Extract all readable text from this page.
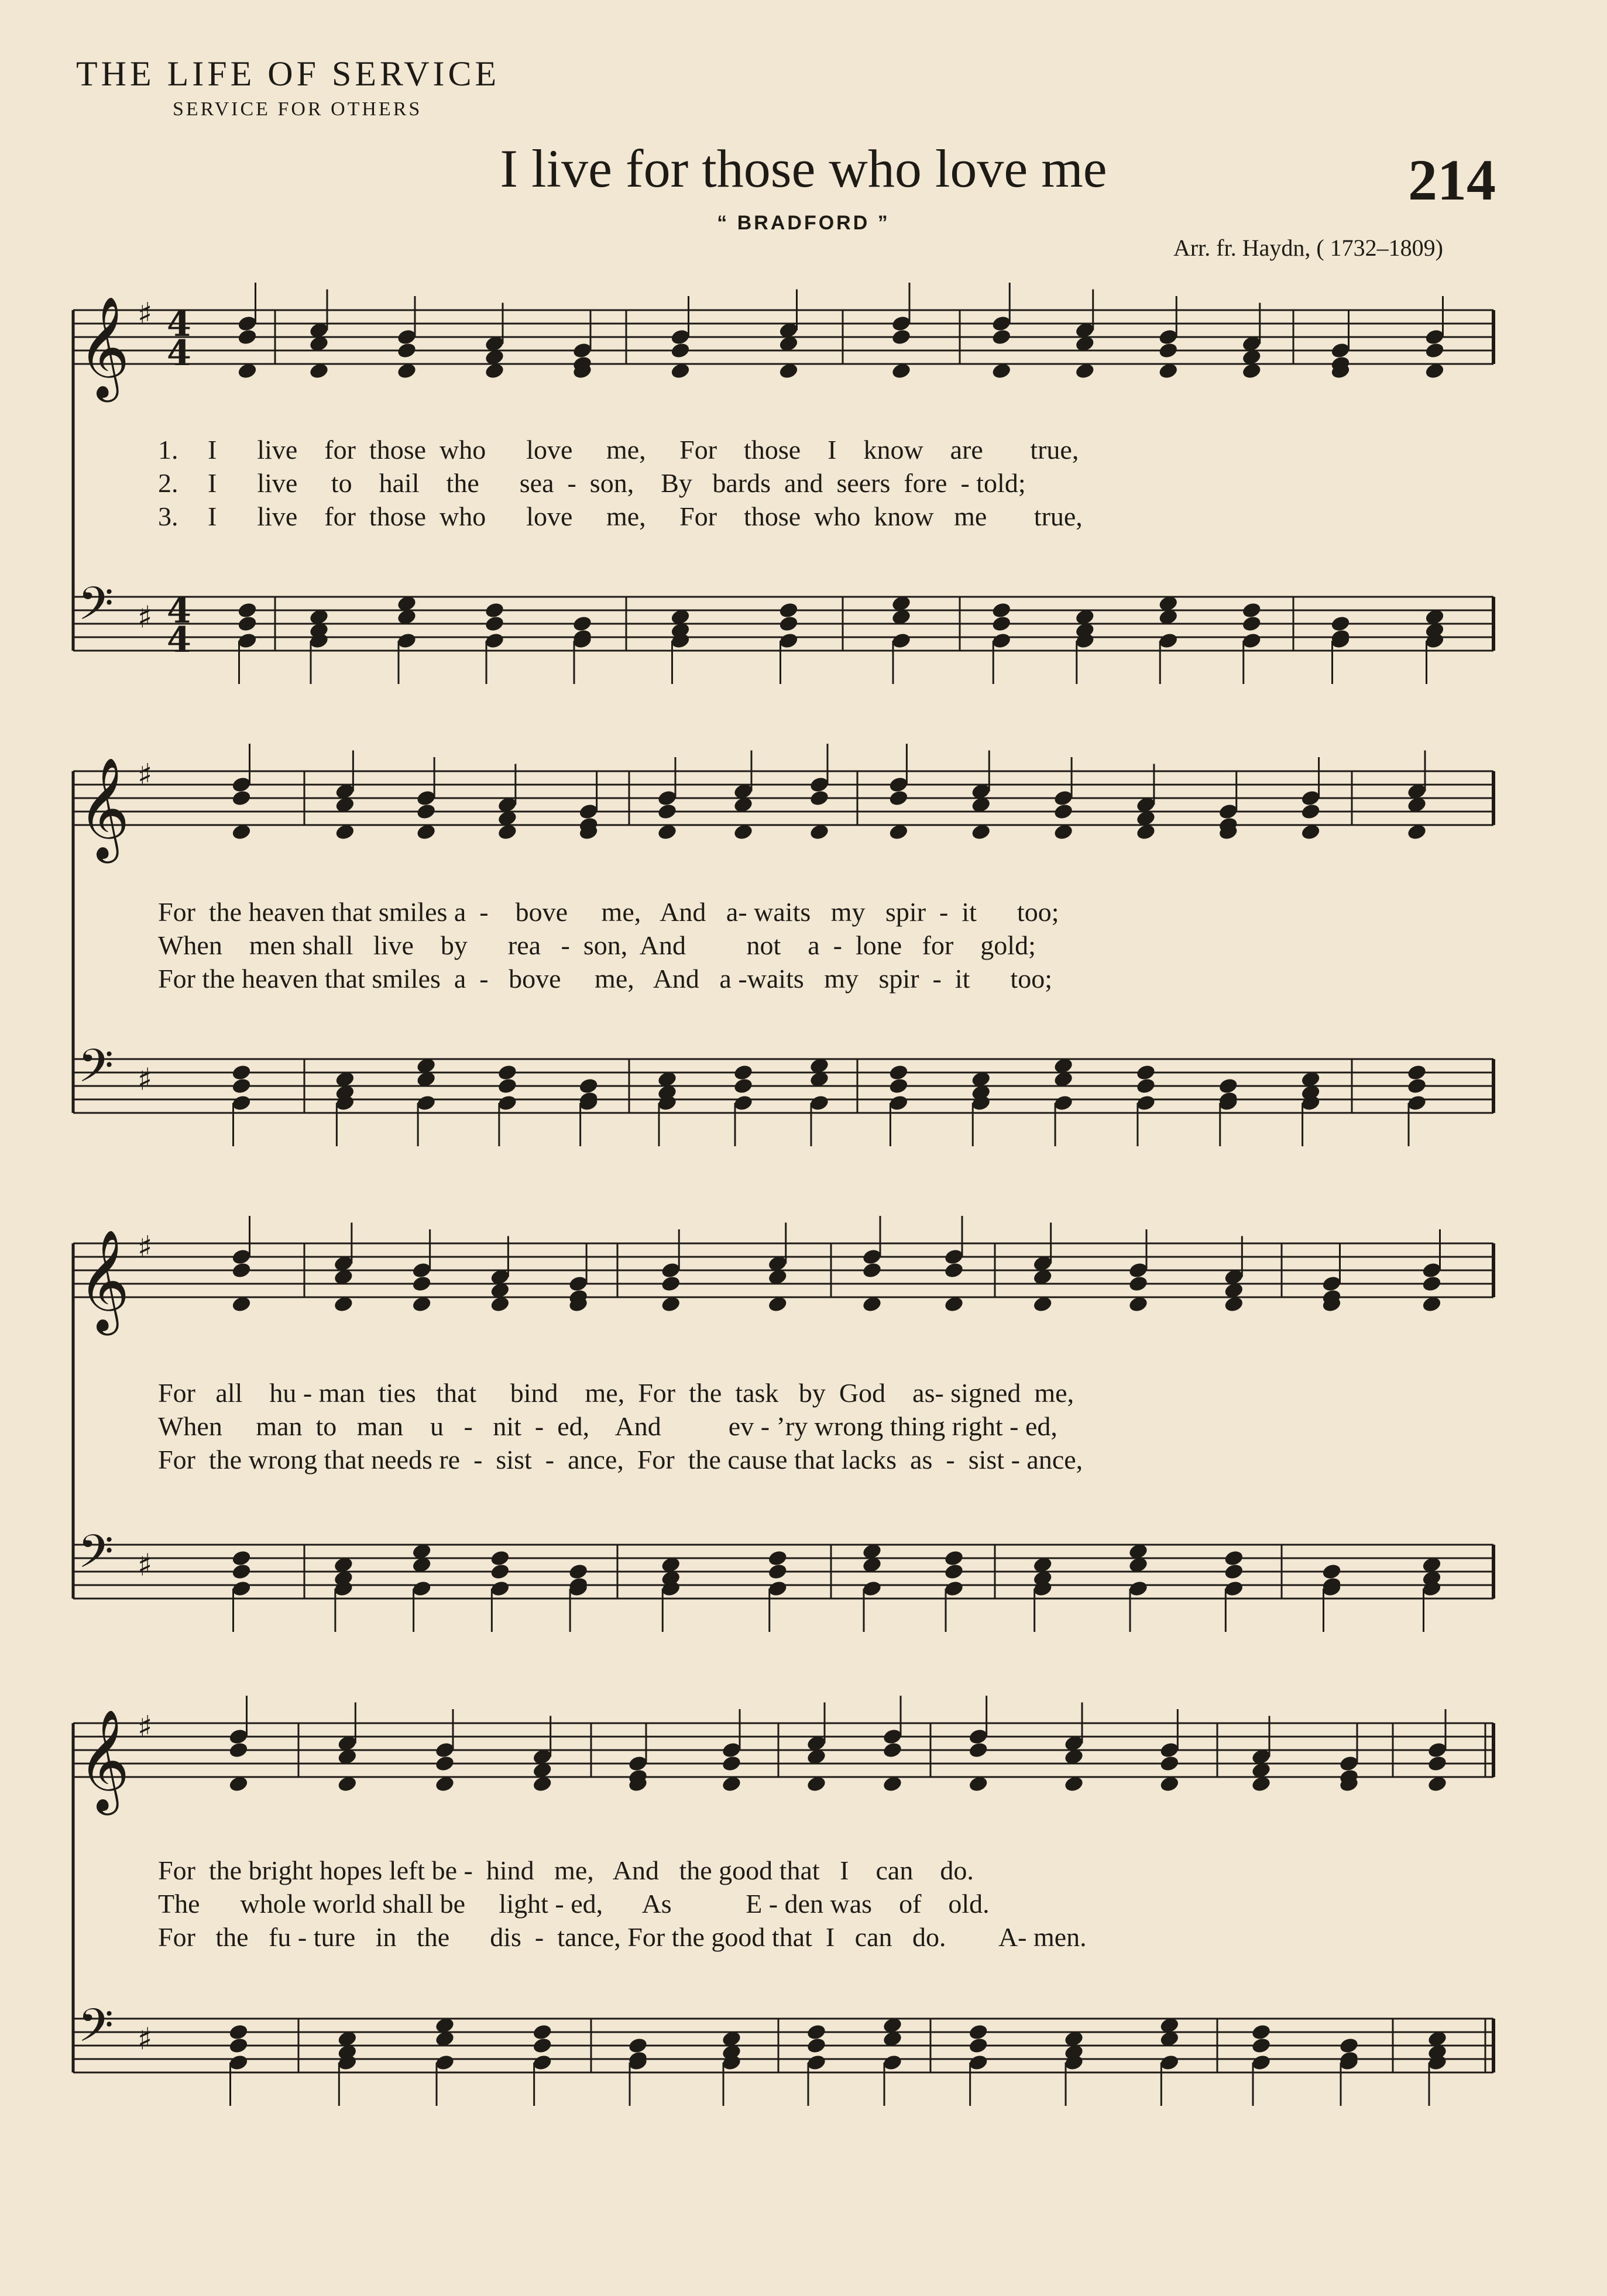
THE LIFE OF SERVICE
SERVICE FOR OTHERS
I live for those who love me	214
“ BRADFORD ”
Arr. fr. Haydn, ( 1732–1809)
𝄞 ♯ 4
4
𝄢 ♯ 4
4
𝄞 ♯
𝄢 ♯
𝄞 ♯
𝄢 ♯
𝄞 ♯
𝄢 ♯
1. I      live    for  those  who      love     me,     For    those    I    know    are       true,
2. I      live     to    hail    the      sea  -  son,    By   bards  and  seers  fore  - told;
3. I      live    for  those  who      love     me,     For    those  who  know   me       true,
For  the heaven that smiles a  -    bove     me,   And   a- waits   my   spir  -  it      too;
When    men shall   live    by      rea   -  son,  And         not    a  -  lone   for    gold;
For the heaven that smiles  a  -   bove     me,   And   a -waits   my   spir  -  it      too;
For   all    hu - man  ties   that     bind    me,  For  the  task   by  God    as- signed  me,
When     man  to   man    u   -   nit  -  ed,    And          ev - ’ry wrong thing right - ed,
For  the wrong that needs re  -  sist  -  ance,  For  the cause that lacks  as  -  sist - ance,
For  the bright hopes left be -  hind   me,   And   the good that   I    can    do.
The      whole world shall be     light - ed,      As           E - den was    of    old.
For   the   fu - ture   in   the      dis  -  tance, For the good that  I   can   do.        A- men.
